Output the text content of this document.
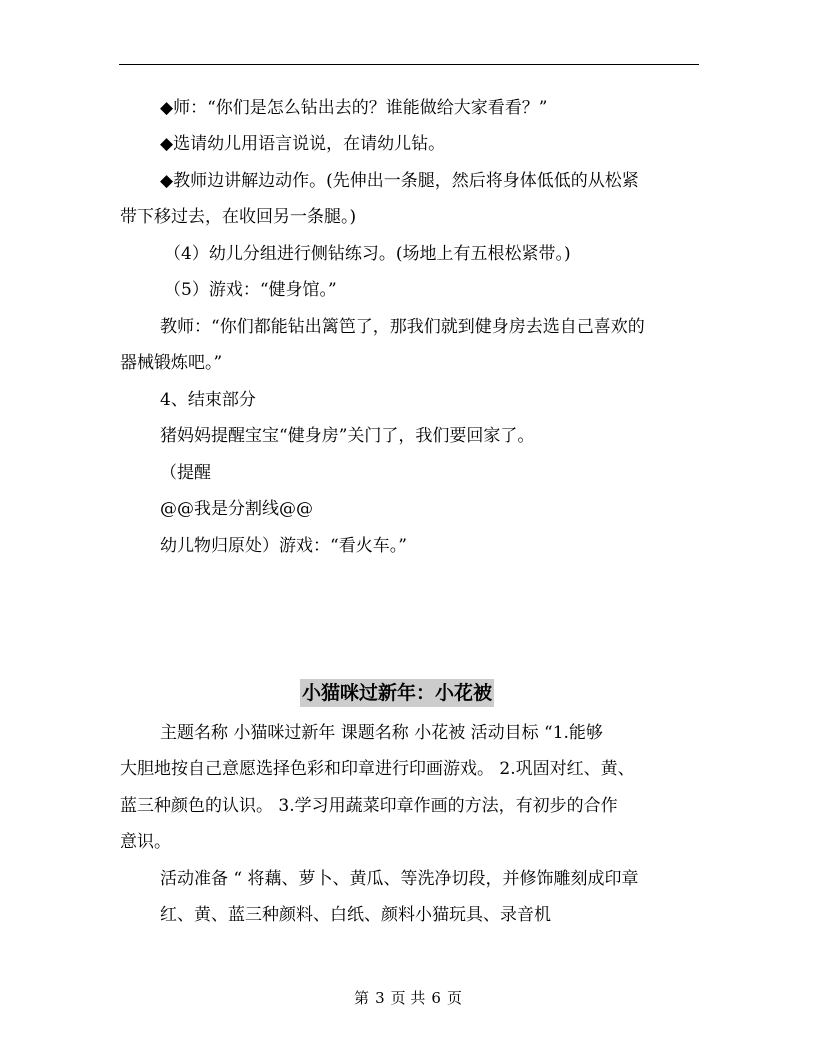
◆师：“你们是怎么钻出去的？谁能做给大家看看？”
◆选请幼儿用语言说说，在请幼儿钻。
◆教师边讲解边动作。(先伸出一条腿，然后将身体低低的从松紧
带下移过去，在收回另一条腿。)
（4）幼儿分组进行侧钻练习。(场地上有五根松紧带。)
（5）游戏：“健身馆。”
教师：“你们都能钻出篱笆了，那我们就到健身房去选自己喜欢的
器械锻炼吧。”
4、结束部分
猪妈妈提醒宝宝“健身房”关门了，我们要回家了。
（提醒
@@我是分割线@@
幼儿物归原处）游戏：“看火车。”
小猫咪过新年：小花被
主题名称 小猫咪过新年 课题名称 小花被 活动目标 “1.能够
大胆地按自己意愿选择色彩和印章进行印画游戏。 2.巩固对红、黄、
蓝三种颜色的认识。 3.学习用蔬菜印章作画的方法，有初步的合作
意识。
活动准备 “ 将藕、萝卜、黄瓜、等洗净切段，并修饰雕刻成印章
红、黄、蓝三种颜料、白纸、颜料小猫玩具、录音机
第 3 页 共 6 页
